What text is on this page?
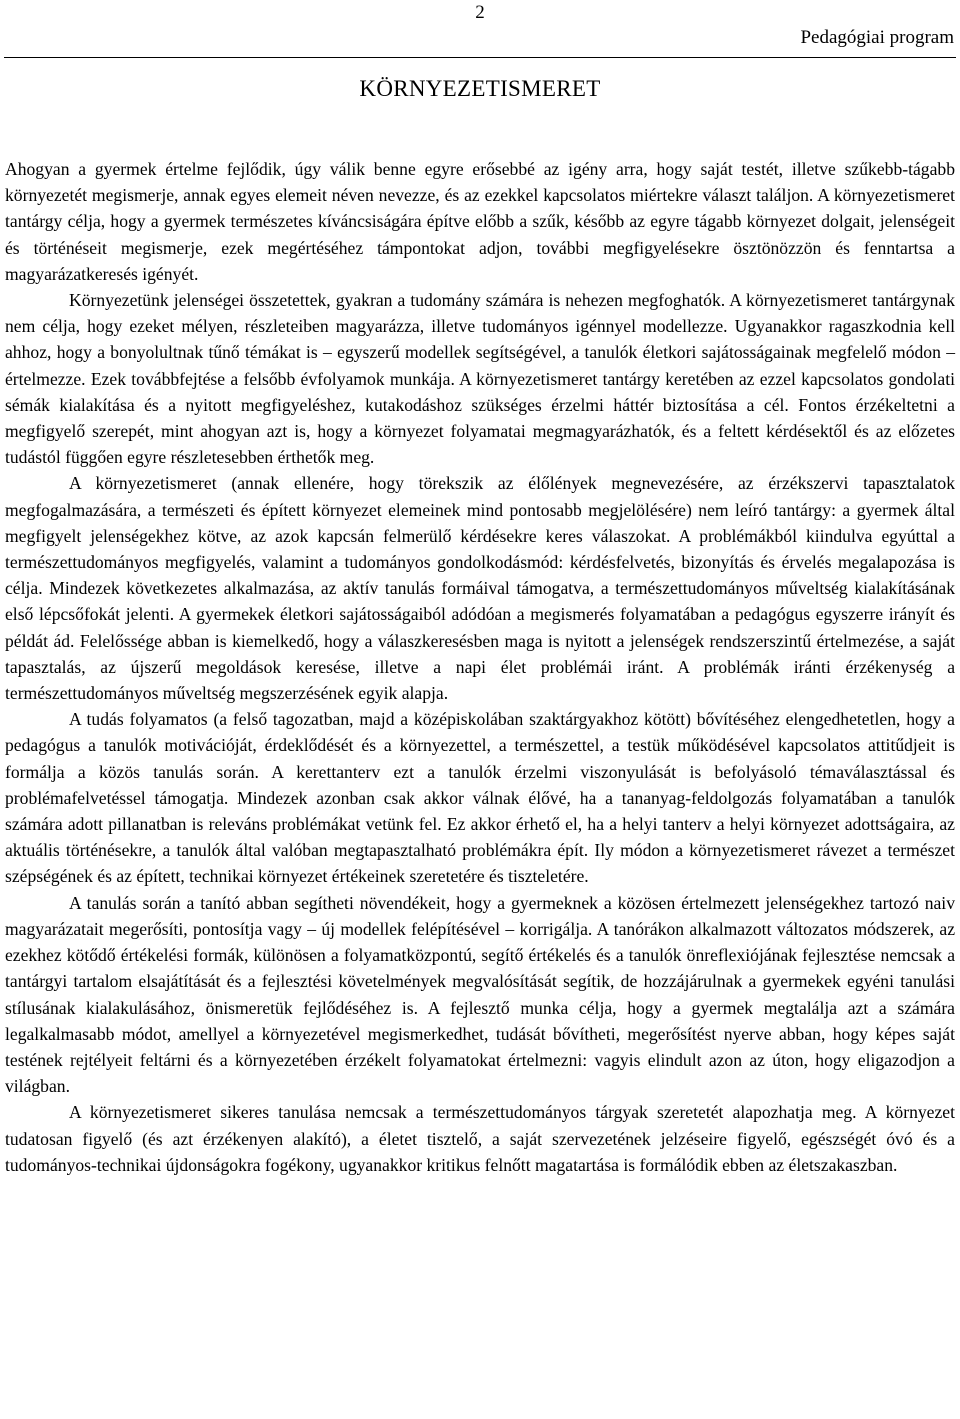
2
Pedagógiai program
KÖRNYEZETISMERET

Ahogyan a gyermek értelme fejlődik, úgy válik benne egyre erősebbé az igény arra, hogy saját testét, illetve szűkebb-tágabb környezetét megismerje, annak egyes elemeit néven nevezze, és az ezekkel kapcsolatos miértekre választ találjon. A környezetismeret tantárgy célja, hogy a gyermek természetes kíváncsiságára építve előbb a szűk, később az egyre tágabb környezet dolgait, jelenségeit és történéseit megismerje, ezek megértéséhez támpontokat adjon, további megfigyelésekre ösztönözzön és fenntartsa a magyarázatkeresés igényét.

Környezetünk jelenségei összetettek, gyakran a tudomány számára is nehezen megfoghatók. A környezetismeret tantárgynak nem célja, hogy ezeket mélyen, részleteiben magyarázza, illetve tudományos igénnyel modellezze. Ugyanakkor ragaszkodnia kell ahhoz, hogy a bonyolultnak tűnő témákat is – egyszerű modellek segítségével, a tanulók életkori sajátosságainak megfelelő módon – értelmezze. Ezek továbbfejtése a felsőbb évfolyamok munkája. A környezetismeret tantárgy keretében az ezzel kapcsolatos gondolati sémák kialakítása és a nyitott megfigyeléshez, kutakodáshoz szükséges érzelmi háttér biztosítása a cél. Fontos érzékeltetni a megfigyelő szerepét, mint ahogyan azt is, hogy a környezet folyamatai megmagyarázhatók, és a feltett kérdésektől és az előzetes tudástól függően egyre részletesebben érthetők meg.

A környezetismeret (annak ellenére, hogy törekszik az élőlények megnevezésére, az érzékszervi tapasztalatok megfogalmazására, a természeti és épített környezet elemeinek mind pontosabb megjelölésére) nem leíró tantárgy: a gyermek által megfigyelt jelenségekhez kötve, az azok kapcsán felmerülő kérdésekre keres válaszokat. A problémákból kiindulva egyúttal a természettudományos megfigyelés, valamint a tudományos gondolkodásmód: kérdésfelvetés, bizonyítás és érvelés megalapozása is célja. Mindezek következetes alkalmazása, az aktív tanulás formáival támogatva, a természettudományos műveltség kialakításának első lépcsőfokát jelenti. A gyermekek életkori sajátosságaiból adódóan a megismerés folyamatában a pedagógus egyszerre irányít és példát ád. Felelőssége abban is kiemelkedő, hogy a válaszkeresésben maga is nyitott a jelenségek rendszerszintű értelmezése, a saját tapasztalás, az újszerű megoldások keresése, illetve a napi élet problémái iránt. A problémák iránti érzékenység a természettudományos műveltség megszerzésének egyik alapja.

A tudás folyamatos (a felső tagozatban, majd a középiskolában szaktárgyakhoz kötött) bővítéséhez elengedhetetlen, hogy a pedagógus a tanulók motivációját, érdeklődését és a környezettel, a természettel, a testük működésével kapcsolatos attitűdjeit is formálja a közös tanulás során. A kerettanterv ezt a tanulók érzelmi viszonyulását is befolyásoló témaválasztással és problémafelvetéssel támogatja. Mindezek azonban csak akkor válnak élővé, ha a tananyag-feldolgozás folyamatában a tanulók számára adott pillanatban is releváns problémákat vetünk fel. Ez akkor érhető el, ha a helyi tanterv a helyi környezet adottságaira, az aktuális történésekre, a tanulók által valóban megtapasztalható problémákra épít. Ily módon a környezetismeret rávezet a természet szépségének és az épített, technikai környezet értékeinek szeretetére és tiszteletére.

A tanulás során a tanító abban segítheti növendékeit, hogy a gyermeknek a közösen értelmezett jelenségekhez tartozó naiv magyarázatait megerősíti, pontosítja vagy – új modellek felépítésével – korrigálja. A tanórákon alkalmazott változatos módszerek, az ezekhez kötődő értékelési formák, különösen a folyamatközpontú, segítő értékelés és a tanulók önreflexiójának fejlesztése nemcsak a tantárgyi tartalom elsajátítását és a fejlesztési követelmények megvalósítását segítik, de hozzájárulnak a gyermekek egyéni tanulási stílusának kialakulásához, önismeretük fejlődéséhez is. A fejlesztő munka célja, hogy a gyermek megtalálja azt a számára legalkalmasabb módot, amellyel a környezetével megismerkedhet, tudását bővítheti, megerősítést nyerve abban, hogy képes saját testének rejtélyeit feltárni és a környezetében érzékelt folyamatokat értelmezni: vagyis elindult azon az úton, hogy eligazodjon a világban.

A környezetismeret sikeres tanulása nemcsak a természettudományos tárgyak szeretetét alapozhatja meg. A környezet tudatosan figyelő (és azt érzékenyen alakító), a életet tisztelő, a saját szervezetének jelzéseire figyelő, egészségét óvó és a tudományos-technikai újdonságokra fogékony, ugyanakkor kritikus felnőtt magatartása is formálódik ebben az életszakaszban.
